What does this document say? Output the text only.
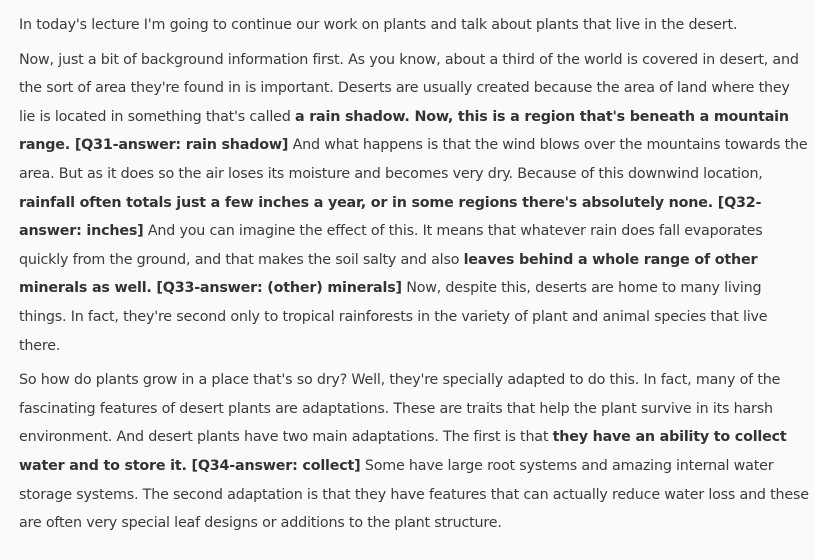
In today's lecture I'm going to continue our work on plants and talk about plants that live in the desert.

Now, just a bit of background information first. As you know, about a third of the world is covered in desert, and the sort of area they're found in is important. Deserts are usually created because the area of land where they lie is located in something that's called a rain shadow. Now, this is a region that's beneath a mountain range. [Q31-answer: rain shadow] And what happens is that the wind blows over the mountains towards the area. But as it does so the air loses its moisture and becomes very dry. Because of this downwind location, rainfall often totals just a few inches a year, or in some regions there's absolutely none. [Q32-answer: inches] And you can imagine the effect of this. It means that whatever rain does fall evaporates quickly from the ground, and that makes the soil salty and also leaves behind a whole range of other minerals as well. [Q33-answer: (other) minerals] Now, despite this, deserts are home to many living things. In fact, they're second only to tropical rainforests in the variety of plant and animal species that live there.

So how do plants grow in a place that's so dry? Well, they're specially adapted to do this. In fact, many of the fascinating features of desert plants are adaptations. These are traits that help the plant survive in its harsh environment. And desert plants have two main adaptations. The first is that they have an ability to collect water and to store it. [Q34-answer: collect] Some have large root systems and amazing internal water storage systems. The second adaptation is that they have features that can actually reduce water loss and these are often very special leaf designs or additions to the plant structure.
